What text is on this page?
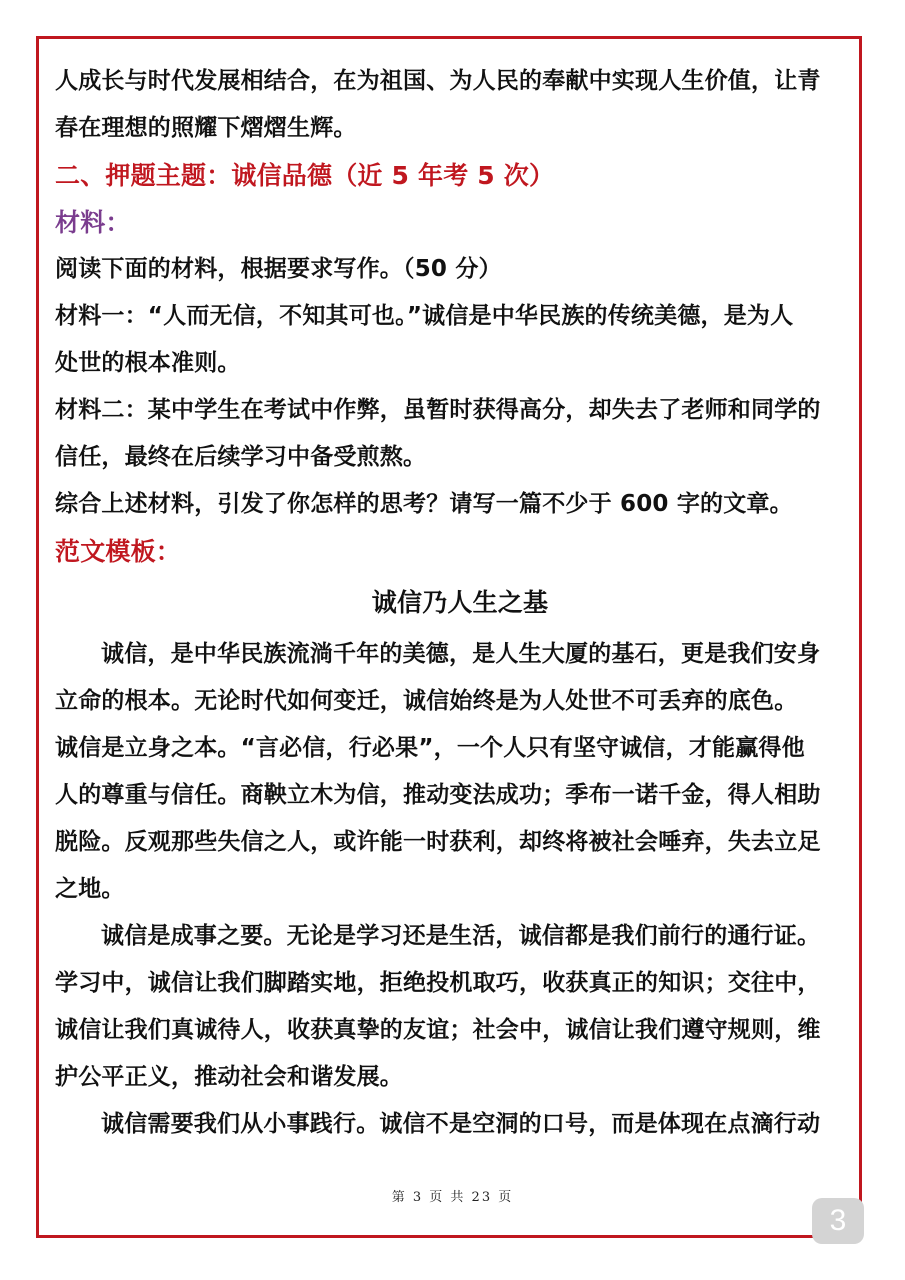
人成长与时代发展相结合，在为祖国、为人民的奉献中实现人生价值，让青
春在理想的照耀下熠熠生辉。
二、押题主题：诚信品德（近 5 年考 5 次）
材料：
阅读下面的材料，根据要求写作。（50 分）
材料一：“人而无信，不知其可也。”诚信是中华民族的传统美德，是为人
处世的根本准则。
材料二：某中学生在考试中作弊，虽暂时获得高分，却失去了老师和同学的
信任，最终在后续学习中备受煎熬。
综合上述材料，引发了你怎样的思考？请写一篇不少于 600 字的文章。
范文模板：
诚信乃人生之基
诚信，是中华民族流淌千年的美德，是人生大厦的基石，更是我们安身
立命的根本。无论时代如何变迁，诚信始终是为人处世不可丢弃的底色。
诚信是立身之本。“言必信，行必果”，一个人只有坚守诚信，才能赢得他
人的尊重与信任。商鞅立木为信，推动变法成功；季布一诺千金，得人相助
脱险。反观那些失信之人，或许能一时获利，却终将被社会唾弃，失去立足
之地。
诚信是成事之要。无论是学习还是生活，诚信都是我们前行的通行证。
学习中，诚信让我们脚踏实地，拒绝投机取巧，收获真正的知识；交往中，
诚信让我们真诚待人，收获真挚的友谊；社会中，诚信让我们遵守规则，维
护公平正义，推动社会和谐发展。
诚信需要我们从小事践行。诚信不是空洞的口号，而是体现在点滴行动
第 3 页 共 23 页
3
